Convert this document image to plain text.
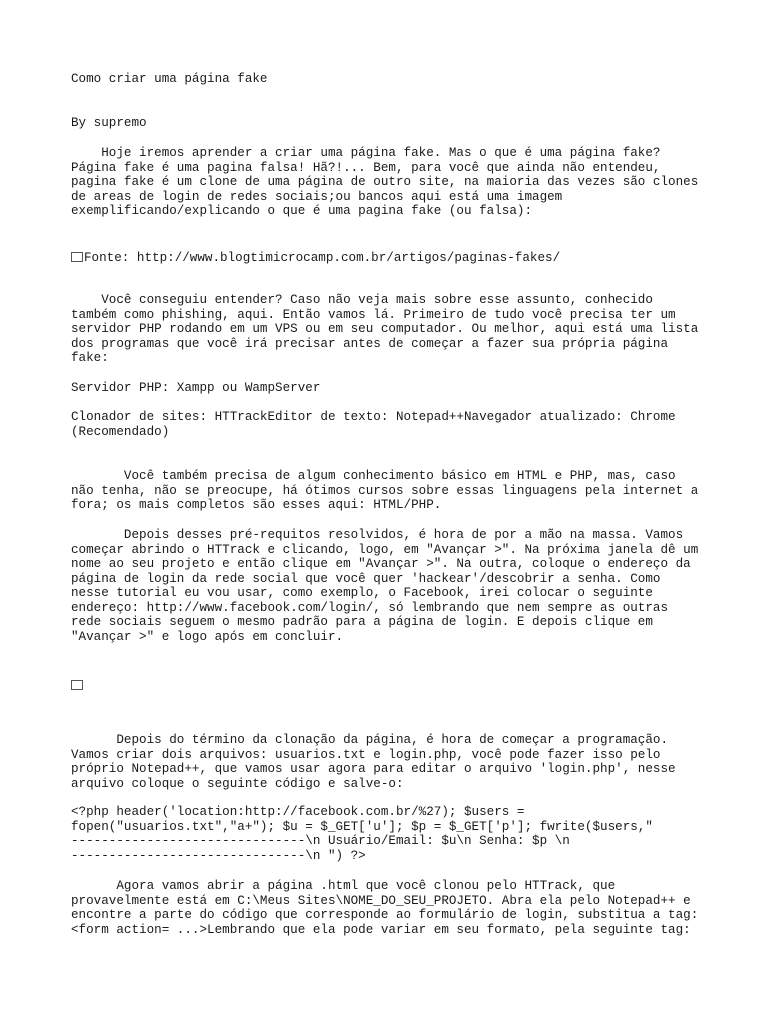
Como criar uma página fake

By supremo

Hoje iremos aprender a criar uma página fake. Mas o que é uma página fake?
Página fake é uma pagina falsa! Hã?!... Bem, para você que ainda não entendeu,
pagina fake é um clone de uma página de outro site, na maioria das vezes são clones
de areas de login de redes sociais;ou bancos aqui está uma imagem
exemplificando/explicando o que é uma pagina fake (ou falsa):

Fonte: http://www.blogtimicrocamp.com.br/artigos/paginas-fakes/

Você conseguiu entender? Caso não veja mais sobre esse assunto, conhecido
também como phishing, aqui. Então vamos lá. Primeiro de tudo você precisa ter um
servidor PHP rodando em um VPS ou em seu computador. Ou melhor, aqui está uma lista
dos programas que você irá precisar antes de começar a fazer sua própria página
fake:

Servidor PHP: Xampp ou WampServer

Clonador de sites: HTTrackEditor de texto: Notepad++Navegador atualizado: Chrome
(Recomendado)

Você também precisa de algum conhecimento básico em HTML e PHP, mas, caso
não tenha, não se preocupe, há ótimos cursos sobre essas linguagens pela internet a
fora; os mais completos são esses aqui: HTML/PHP.

Depois desses pré-requitos resolvidos, é hora de por a mão na massa. Vamos
começar abrindo o HTTrack e clicando, logo, em "Avançar >". Na próxima janela dê um
nome ao seu projeto e então clique em "Avançar >". Na outra, coloque o endereço da
página de login da rede social que você quer 'hackear'/descobrir a senha. Como
nesse tutorial eu vou usar, como exemplo, o Facebook, irei colocar o seguinte
endereço: http://www.facebook.com/login/, só lembrando que nem sempre as outras
rede sociais seguem o mesmo padrão para a página de login. E depois clique em
"Avançar >" e logo após em concluir.

Depois do término da clonação da página, é hora de começar a programação.
Vamos criar dois arquivos: usuarios.txt e login.php, você pode fazer isso pelo
próprio Notepad++, que vamos usar agora para editar o arquivo 'login.php', nesse
arquivo coloque o seguinte código e salve-o:

<?php header('location:http://facebook.com.br/%27); $users =
fopen("usuarios.txt","a+"); $u = $_GET['u']; $p = $_GET['p']; fwrite($users,"
-------------------------------\n Usuário/Email: $u\n Senha: $p \n
-------------------------------\n ") ?>

Agora vamos abrir a página .html que você clonou pelo HTTrack, que
provavelmente está em C:\Meus Sites\NOME_DO_SEU_PROJETO. Abra ela pelo Notepad++ e
encontre a parte do código que corresponde ao formulário de login, substitua a tag:
<form action= ...>Lembrando que ela pode variar em seu formato, pela seguinte tag:
